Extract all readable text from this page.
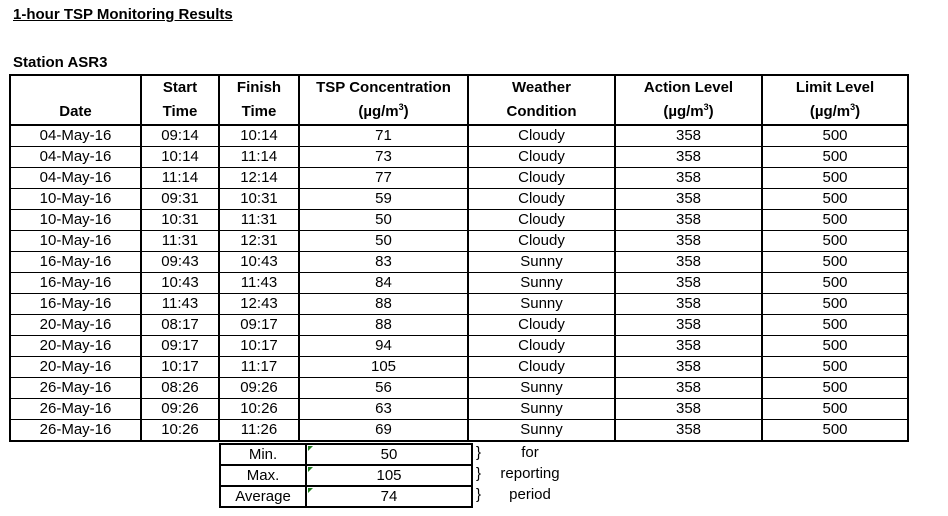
1-hour TSP Monitoring Results
Station ASR3
	Start	Finish	TSP Concentration	Weather	Action Level	Limit Level
Date	Time	Time	$(\mu g/m^3)$	Condition	$(\mu g/m^3)$	$(\mu g/m^3)$
04-May-16	09:14	10:14	71	Cloudy	358	500
04-May-16	10:14	11:14	73	Cloudy	358	500
04-May-16	11:14	12:14	77	Cloudy	358	500
10-May-16	09:31	10:31	59	Cloudy	358	500
10-May-16	10:31	11:31	50	Cloudy	358	500
10-May-16	11:31	12:31	50	Cloudy	358	500
16-May-16	09:43	10:43	83	Sunny	358	500
16-May-16	10:43	11:43	84	Sunny	358	500
16-May-16	11:43	12:43	88	Sunny	358	500
20-May-16	08:17	09:17	88	Cloudy	358	500
20-May-16	09:17	10:17	94	Cloudy	358	500
20-May-16	10:17	11:17	105	Cloudy	358	500
26-May-16	08:26	09:26	56	Sunny	358	500
26-May-16	09:26	10:26	63	Sunny	358	500
26-May-16	10:26	11:26	69	Sunny	358	500
Min.	50
Max.	105
Average	74
}	for
}	reporting
}	period
